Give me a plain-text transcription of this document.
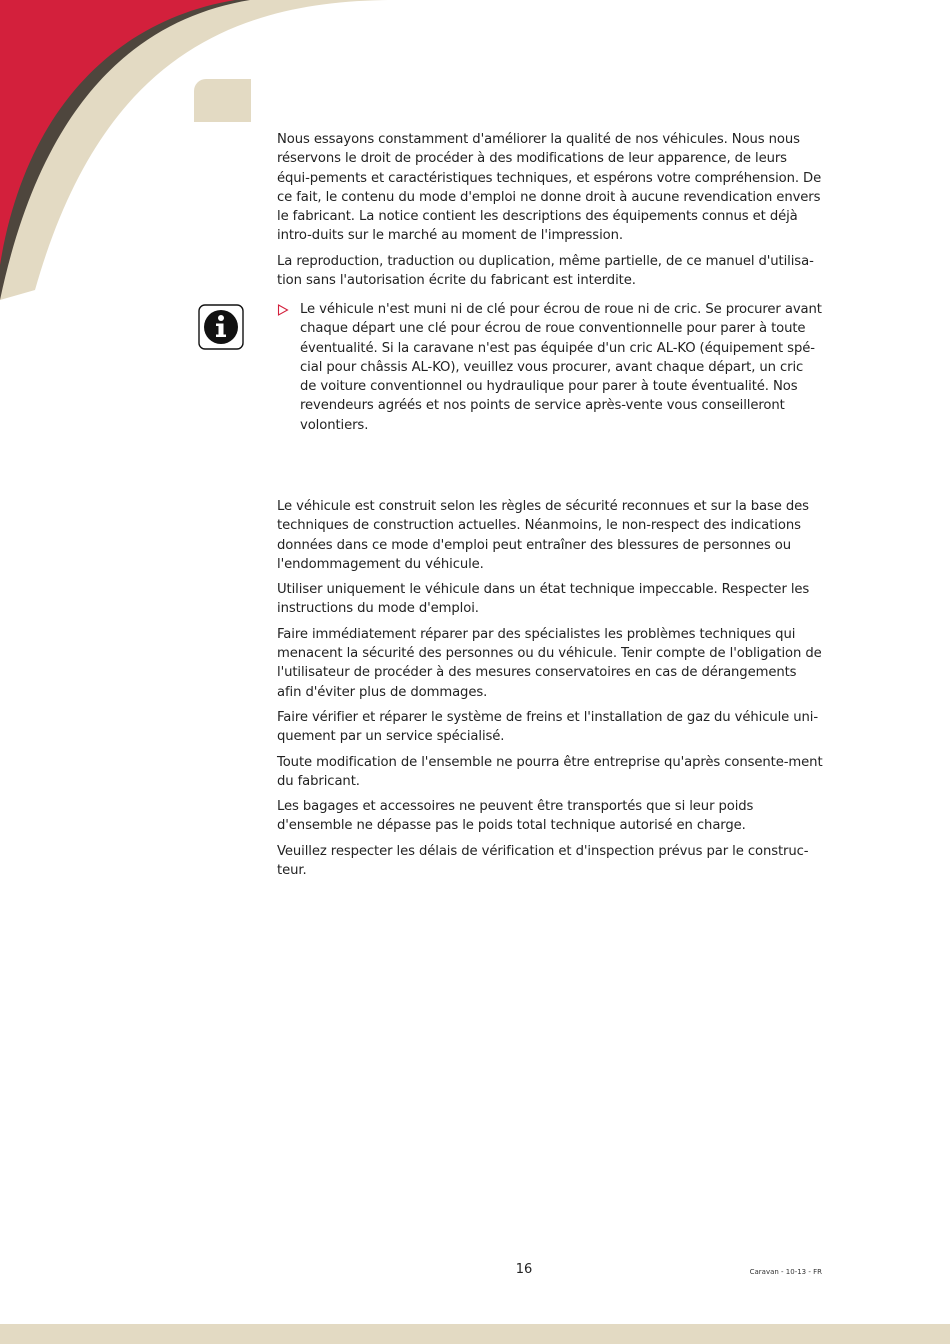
Nous essayons constamment d'améliorer la qualité de nos véhicules. Nous nous réservons le droit de procéder à des modifications de leur apparence, de leurs équi-pements et caractéristiques techniques, et espérons votre compréhension. De ce fait, le contenu du mode d'emploi ne donne droit à aucune revendication envers le fabricant. La notice contient les descriptions des équipements connus et déjà intro-duits sur le marché au moment de l'impression.

La reproduction, traduction ou duplication, même partielle, de ce manuel d'utilisa-tion sans l'autorisation écrite du fabricant est interdite.

Le véhicule n'est muni ni de clé pour écrou de roue ni de cric. Se procurer avant chaque départ une clé pour écrou de roue conventionnelle pour parer à toute éventualité. Si la caravane n'est pas équipée d'un cric AL-KO (équipement spé-cial pour châssis AL-KO), veuillez vous procurer, avant chaque départ, un cric de voiture conventionnel ou hydraulique pour parer à toute éventualité. Nos revendeurs agréés et nos points de service après-vente vous conseilleront volontiers.

Le véhicule est construit selon les règles de sécurité reconnues et sur la base des techniques de construction actuelles. Néanmoins, le non-respect des indications données dans ce mode d'emploi peut entraîner des blessures de personnes ou l'endommagement du véhicule.

Utiliser uniquement le véhicule dans un état technique impeccable. Respecter les instructions du mode d'emploi.

Faire immédiatement réparer par des spécialistes les problèmes techniques qui menacent la sécurité des personnes ou du véhicule. Tenir compte de l'obligation de l'utilisateur de procéder à des mesures conservatoires en cas de dérangements afin d'éviter plus de dommages.

Faire vérifier et réparer le système de freins et l'installation de gaz du véhicule uni-quement par un service spécialisé.

Toute modification de l'ensemble ne pourra être entreprise qu'après consente-ment du fabricant.

Les bagages et accessoires ne peuvent être transportés que si leur poids d'ensemble ne dépasse pas le poids total technique autorisé en charge.

Veuillez respecter les délais de vérification et d'inspection prévus par le construc-teur.

16	Caravan - 10-13 - FR
